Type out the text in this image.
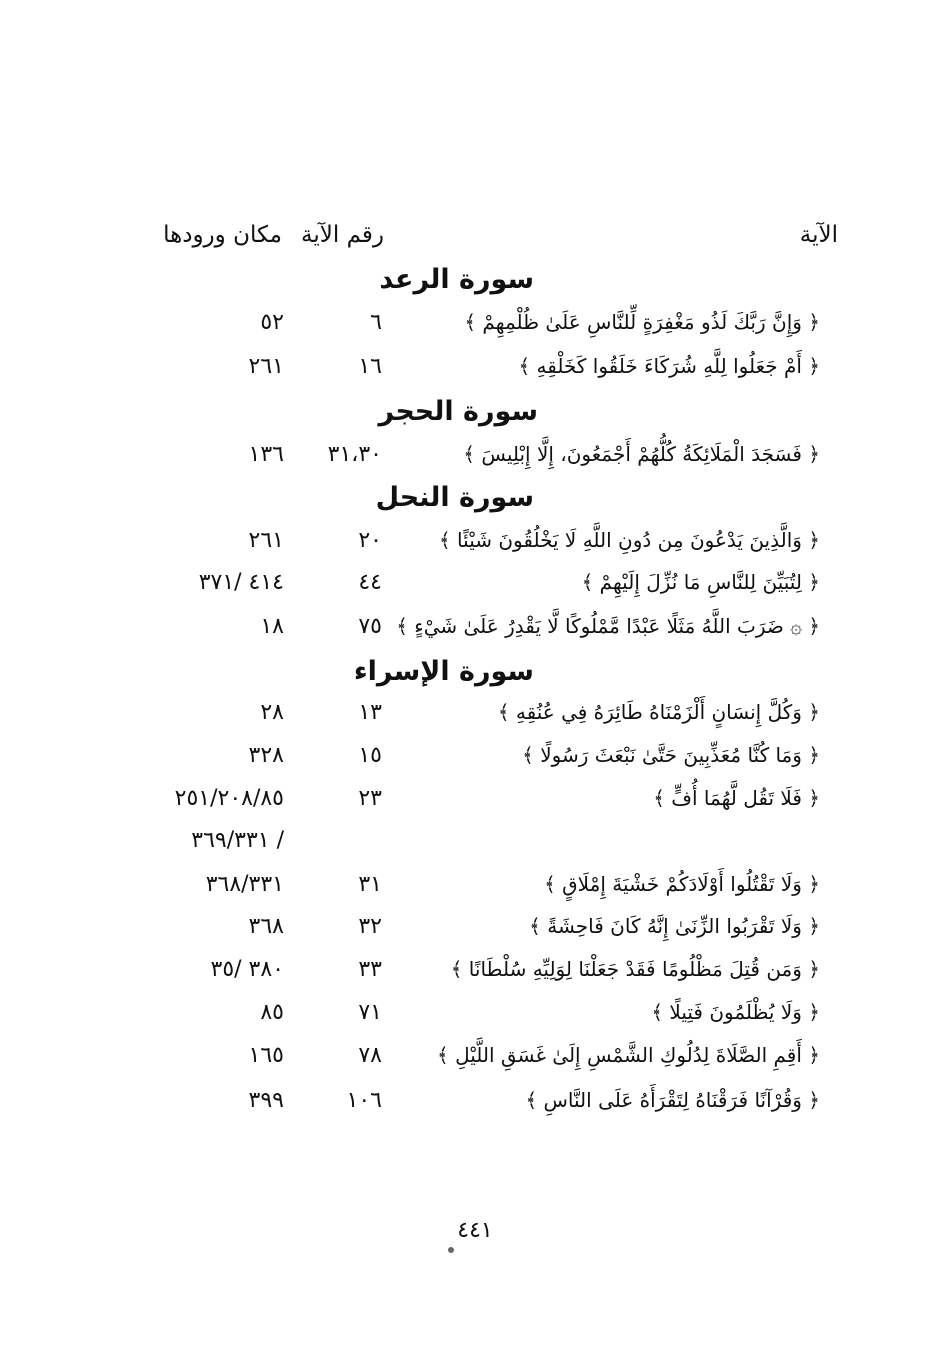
الآية
رقم الآية
مكان ورودها
سورة الرعد
﴿ وَإِنَّ رَبَّكَ لَذُو مَغْفِرَةٍ لِّلنَّاسِ عَلَىٰ ظُلْمِهِمْ ﴾
٦
٥٢
﴿ أَمْ جَعَلُوا لِلَّهِ شُرَكَاءَ خَلَقُوا كَخَلْقِهِ ﴾
١٦
٢٦١
سورة الحجر
﴿ فَسَجَدَ الْمَلَائِكَةُ كُلُّهُمْ أَجْمَعُونَ، إِلَّا إِبْلِيسَ ﴾
٣١،٣٠
١٣٦
سورة النحل
﴿ وَالَّذِينَ يَدْعُونَ مِن دُونِ اللَّهِ لَا يَخْلُقُونَ شَيْئًا ﴾
٢٠
٢٦١
﴿ لِتُبَيِّنَ لِلنَّاسِ مَا نُزِّلَ إِلَيْهِمْ ﴾
٤٤
٤١٤ /٣٧١
﴿ ۞ ضَرَبَ اللَّهُ مَثَلًا عَبْدًا مَّمْلُوكًا لَّا يَقْدِرُ عَلَىٰ شَيْءٍ ﴾
٧٥
١٨
سورة الإسراء
﴿ وَكُلَّ إِنسَانٍ أَلْزَمْنَاهُ طَائِرَهُ فِي عُنُقِهِ ﴾
١٣
٢٨
﴿ وَمَا كُنَّا مُعَذِّبِينَ حَتَّىٰ نَبْعَثَ رَسُولًا ﴾
١٥
٣٢٨
﴿ فَلَا تَقُل لَّهُمَا أُفٍّ ﴾
٢٣
٢٥١/٢٠٨/٨٥
/ ٣٦٩/٣٣١
﴿ وَلَا تَقْتُلُوا أَوْلَادَكُمْ خَشْيَةَ إِمْلَاقٍ ﴾
٣١
٣٦٨/٣٣١
﴿ وَلَا تَقْرَبُوا الزِّنَىٰ إِنَّهُ كَانَ فَاحِشَةً ﴾
٣٢
٣٦٨
﴿ وَمَن قُتِلَ مَظْلُومًا فَقَدْ جَعَلْنَا لِوَلِيِّهِ سُلْطَانًا ﴾
٣٣
٣٨٠ /٣٥
﴿ وَلَا يُظْلَمُونَ فَتِيلًا ﴾
٧١
٨٥
﴿ أَقِمِ الصَّلَاةَ لِدُلُوكِ الشَّمْسِ إِلَىٰ غَسَقِ اللَّيْلِ ﴾
٧٨
١٦٥
﴿ وَقُرْآنًا فَرَقْنَاهُ لِتَقْرَأَهُ عَلَى النَّاسِ ﴾
١٠٦
٣٩٩
٤٤١
